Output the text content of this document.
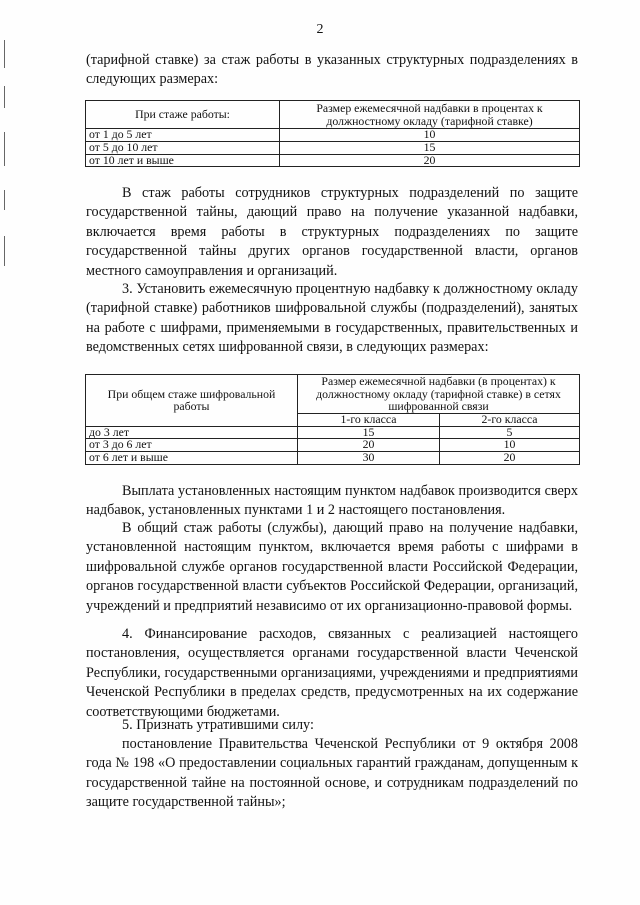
2

(тарифной ставке) за стаж работы в указанных структурных подразделениях в следующих размерах:

При стаже работы:	Размер ежемесячной надбавки в процентах к должностному окладу (тарифной ставке)
от 1 до 5 лет	10
от 5 до 10 лет	15
от 10 лет и выше	20

В стаж работы сотрудников структурных подразделений по защите государственной тайны, дающий право на получение указанной надбавки, включается время работы в структурных подразделениях по защите государственной тайны других органов государственной власти, органов местного самоуправления и организаций.

3. Установить ежемесячную процентную надбавку к должностному окладу (тарифной ставке) работников шифровальной службы (подразделений), занятых на работе с шифрами, применяемыми в государственных, правительственных и ведомственных сетях шифрованной связи, в следующих размерах:

При общем стаже шифровальной работы	Размер ежемесячной надбавки (в процентах) к должностному окладу (тарифной ставке) в сетях шифрованной связи	
	1-го класса	2-го класса
до 3 лет	15	5
от 3 до 6 лет	20	10
от 6 лет и выше	30	20

Выплата установленных настоящим пунктом надбавок производится сверх надбавок, установленных пунктами 1 и 2 настоящего постановления.

В общий стаж работы (службы), дающий право на получение надбавки, установленной настоящим пунктом, включается время работы с шифрами в шифровальной службе органов государственной власти Российской Федерации, органов государственной власти субъектов Российской Федерации, организаций, учреждений и предприятий независимо от их организационно-правовой формы.

4. Финансирование расходов, связанных с реализацией настоящего постановления, осуществляется органами государственной власти Чеченской Республики, государственными организациями, учреждениями и предприятиями Чеченской Республики в пределах средств, предусмотренных на их содержание соответствующими бюджетами.

5. Признать утратившими силу:

постановление Правительства Чеченской Республики от 9 октября 2008 года № 198 «О предоставлении социальных гарантий гражданам, допущенным к государственной тайне на постоянной основе, и сотрудникам подразделений по защите государственной тайны»;
